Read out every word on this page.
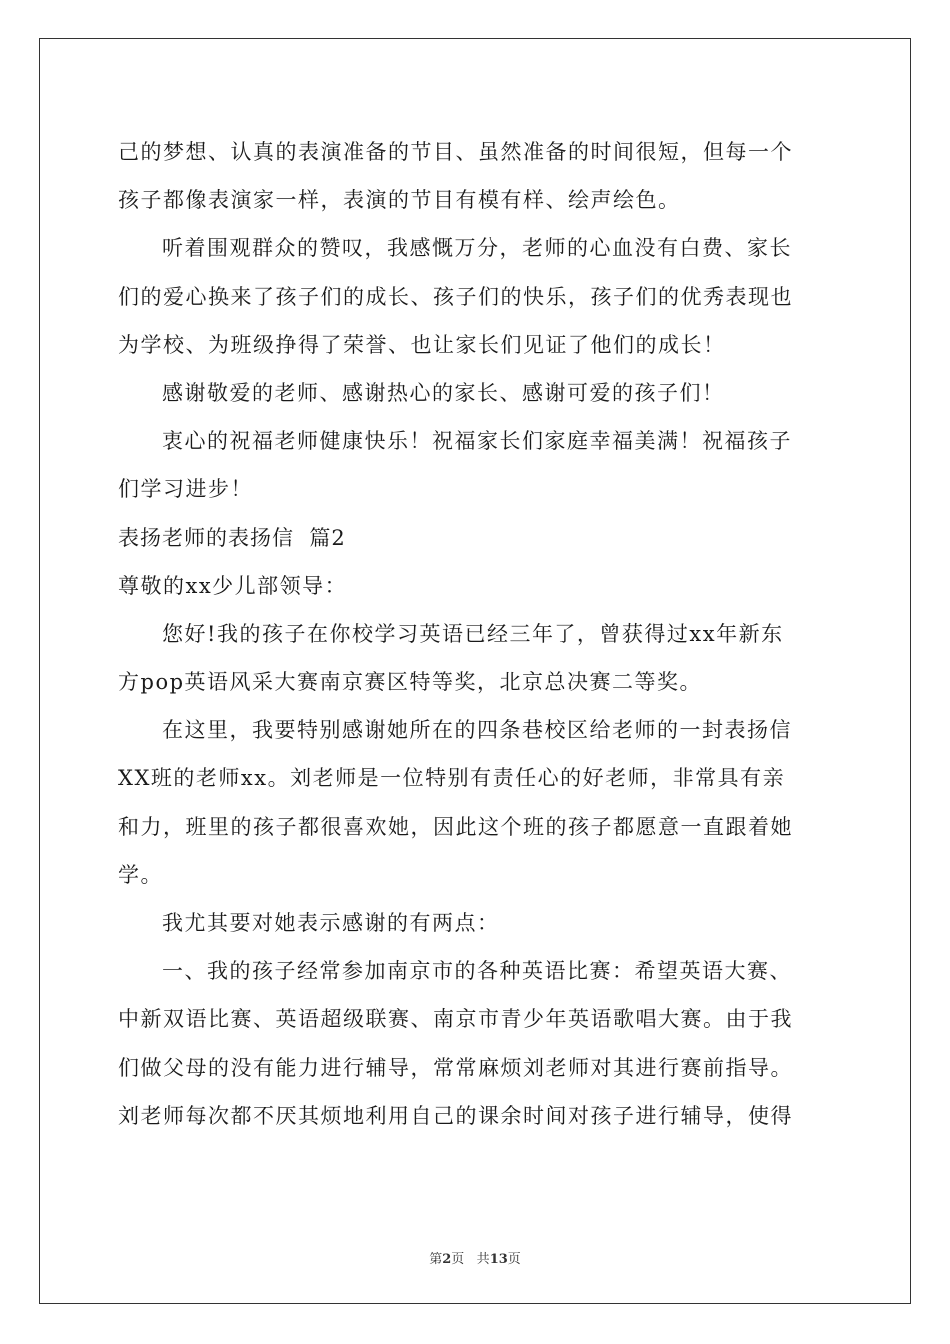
己的梦想、认真的表演准备的节目、虽然准备的时间很短，但每一个
孩子都像表演家一样，表演的节目有模有样、绘声绘色。
听着围观群众的赞叹，我感慨万分，老师的心血没有白费、家长
们的爱心换来了孩子们的成长、孩子们的快乐，孩子们的优秀表现也
为学校、为班级挣得了荣誉、也让家长们见证了他们的成长！
感谢敬爱的老师、感谢热心的家长、感谢可爱的孩子们！
衷心的祝福老师健康快乐！祝福家长们家庭幸福美满！祝福孩子
们学习进步！
表扬老师的表扬信  篇2
尊敬的xx少儿部领导：
您好!我的孩子在你校学习英语已经三年了，曾获得过xx年新东
方pop英语风采大赛南京赛区特等奖，北京总决赛二等奖。
在这里，我要特别感谢她所在的四条巷校区给老师的一封表扬信
XX班的老师xx。刘老师是一位特别有责任心的好老师，非常具有亲
和力，班里的孩子都很喜欢她，因此这个班的孩子都愿意一直跟着她
学。
我尤其要对她表示感谢的有两点：
一、我的孩子经常参加南京市的各种英语比赛：希望英语大赛、
中新双语比赛、英语超级联赛、南京市青少年英语歌唱大赛。由于我
们做父母的没有能力进行辅导，常常麻烦刘老师对其进行赛前指导。
刘老师每次都不厌其烦地利用自己的课余时间对孩子进行辅导，使得
第2页 共13页
